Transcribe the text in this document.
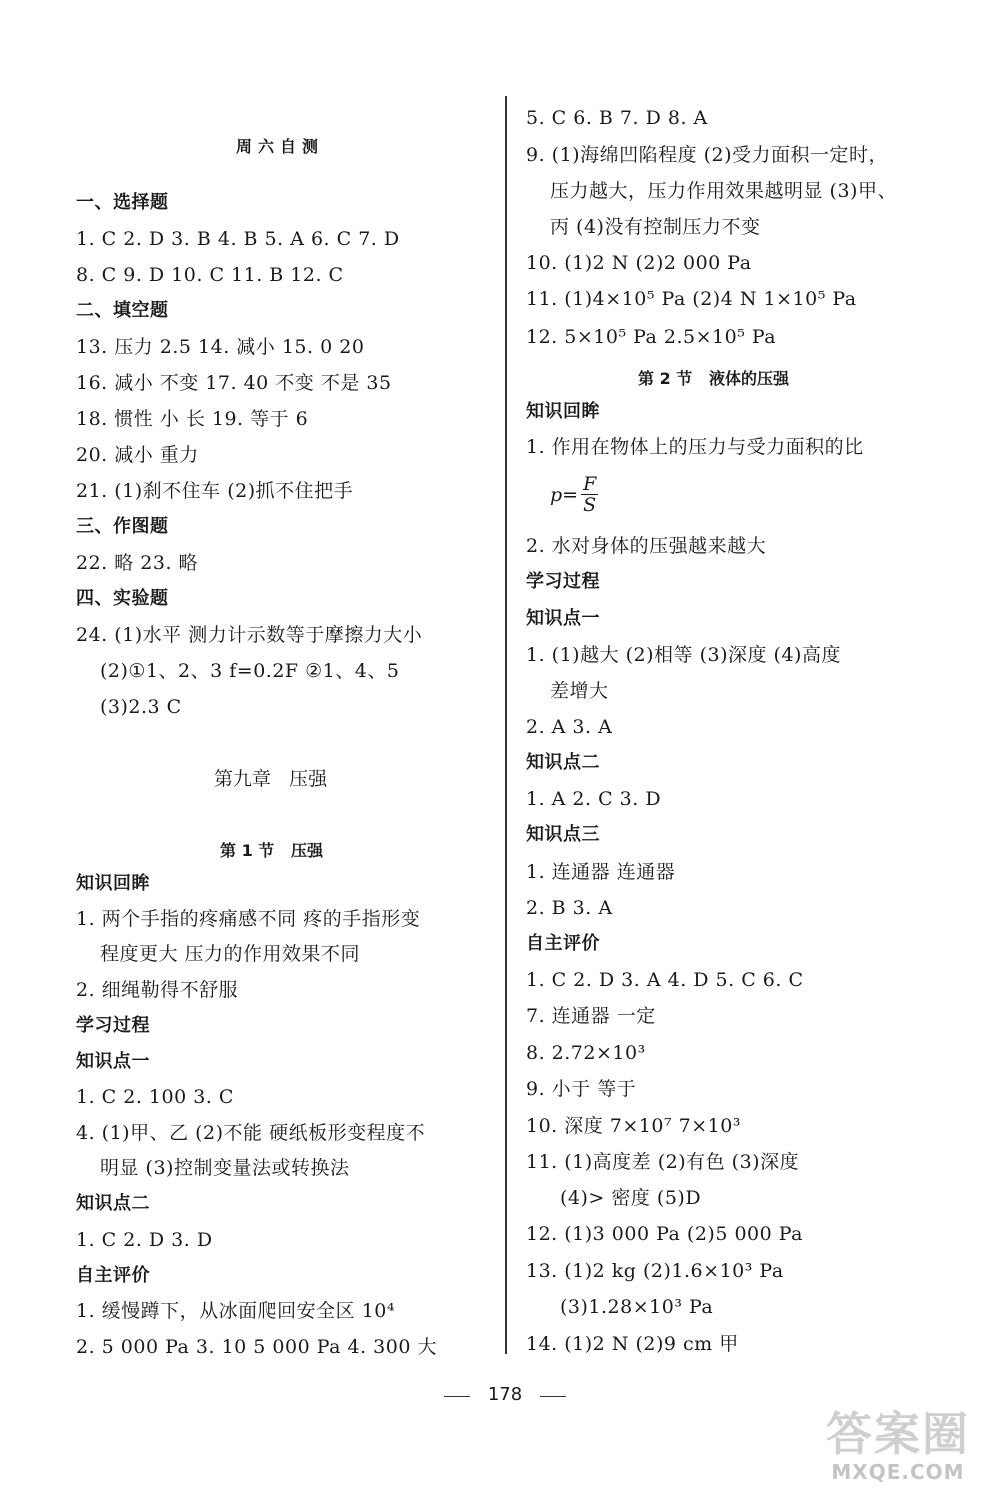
周六自测
一、选择题
1. C 2. D 3. B 4. B 5. A 6. C 7. D
8. C 9. D 10. C 11. B 12. C
二、填空题
13. 压力 2.5 14. 减小 15. 0 20
16. 减小 不变 17. 40 不变 不是 35
18. 惯性 小 长 19. 等于 6
20. 减小 重力
21. (1)刹不住车 (2)抓不住把手
三、作图题
22. 略 23. 略
四、实验题
24. (1)水平 测力计示数等于摩擦力大小
(2)①1、2、3 f=0.2F ②1、4、5
(3)2.3 C
第九章   压强
第 1 节   压强
知识回眸
1. 两个手指的疼痛感不同 疼的手指形变
程度更大 压力的作用效果不同
2. 细绳勒得不舒服
学习过程
知识点一
1. C 2. 100 3. C
4. (1)甲、乙 (2)不能 硬纸板形变程度不
明显 (3)控制变量法或转换法
知识点二
1. C 2. D 3. D
自主评价
1. 缓慢蹲下，从冰面爬回安全区 10⁴
2. 5 000 Pa 3. 10 5 000 Pa 4. 300 大
5. C 6. B 7. D 8. A
9. (1)海绵凹陷程度 (2)受力面积一定时，
压力越大，压力作用效果越明显 (3)甲、
丙 (4)没有控制压力不变
10. (1)2 N (2)2 000 Pa
11. (1)4×10⁵ Pa (2)4 N 1×10⁵ Pa
12. 5×10⁵ Pa 2.5×10⁵ Pa
第 2 节   液体的压强
知识回眸
1. 作用在物体上的压力与受力面积的比
$p= \frac{F}{S}$
2. 水对身体的压强越来越大
学习过程
知识点一
1. (1)越大 (2)相等 (3)深度 (4)高度
差增大
2. A 3. A
知识点二
1. A 2. C 3. D
知识点三
1. 连通器 连通器
2. B 3. A
自主评价
1. C 2. D 3. A 4. D 5. C 6. C
7. 连通器 一定
8. 2.72×10³
9. 小于 等于
10. 深度 7×10⁷ 7×10³
11. (1)高度差 (2)有色 (3)深度
(4)> 密度 (5)D
12. (1)3 000 Pa (2)5 000 Pa
13. (1)2 kg (2)1.6×10³ Pa
(3)1.28×10³ Pa
14. (1)2 N (2)9 cm 甲
178
答案圈
MXQE.COM
